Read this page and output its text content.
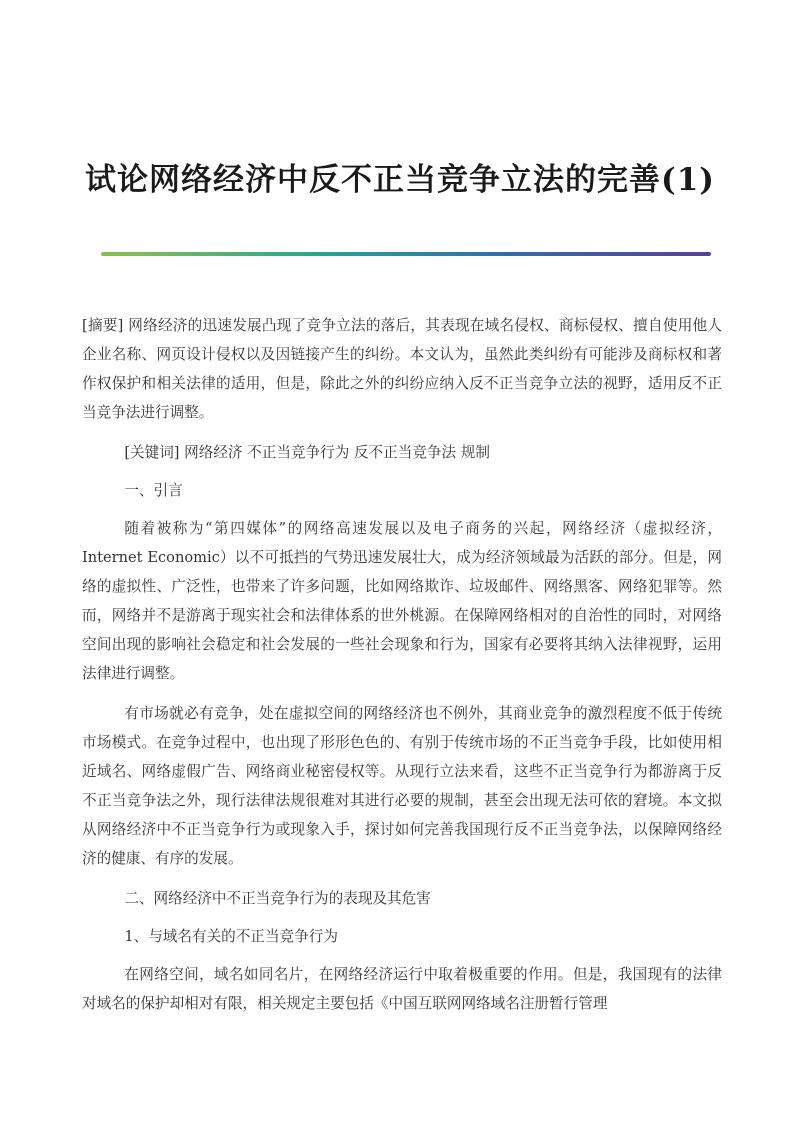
试论网络经济中反不正当竞争立法的完善(1)

[摘要] 网络经济的迅速发展凸现了竞争立法的落后，其表现在域名侵权、商标侵权、擅自使用他人企业名称、网页设计侵权以及因链接产生的纠纷。本文认为，虽然此类纠纷有可能涉及商标权和著作权保护和相关法律的适用，但是，除此之外的纠纷应纳入反不正当竞争立法的视野，适用反不正当竞争法进行调整。

[关键词] 网络经济 不正当竞争行为 反不正当竞争法 规制

一、引言

随着被称为“第四媒体”的网络高速发展以及电子商务的兴起，网络经济（虚拟经济，Internet Economic）以不可抵挡的气势迅速发展壮大，成为经济领域最为活跃的部分。但是，网络的虚拟性、广泛性，也带来了许多问题，比如网络欺诈、垃圾邮件、网络黑客、网络犯罪等。然而，网络并不是游离于现实社会和法律体系的世外桃源。在保障网络相对的自治性的同时，对网络空间出现的影响社会稳定和社会发展的一些社会现象和行为，国家有必要将其纳入法律视野，运用法律进行调整。

有市场就必有竞争，处在虚拟空间的网络经济也不例外，其商业竞争的激烈程度不低于传统市场模式。在竞争过程中，也出现了形形色色的、有别于传统市场的不正当竞争手段，比如使用相近域名、网络虚假广告、网络商业秘密侵权等。从现行立法来看，这些不正当竞争行为都游离于反不正当竞争法之外，现行法律法规很难对其进行必要的规制，甚至会出现无法可依的窘境。本文拟从网络经济中不正当竞争行为或现象入手，探讨如何完善我国现行反不正当竞争法，以保障网络经济的健康、有序的发展。

二、网络经济中不正当竞争行为的表现及其危害

1、与域名有关的不正当竞争行为

在网络空间，域名如同名片，在网络经济运行中取着极重要的作用。但是，我国现有的法律对域名的保护却相对有限，相关规定主要包括《中国互联网网络域名注册暂行管理
